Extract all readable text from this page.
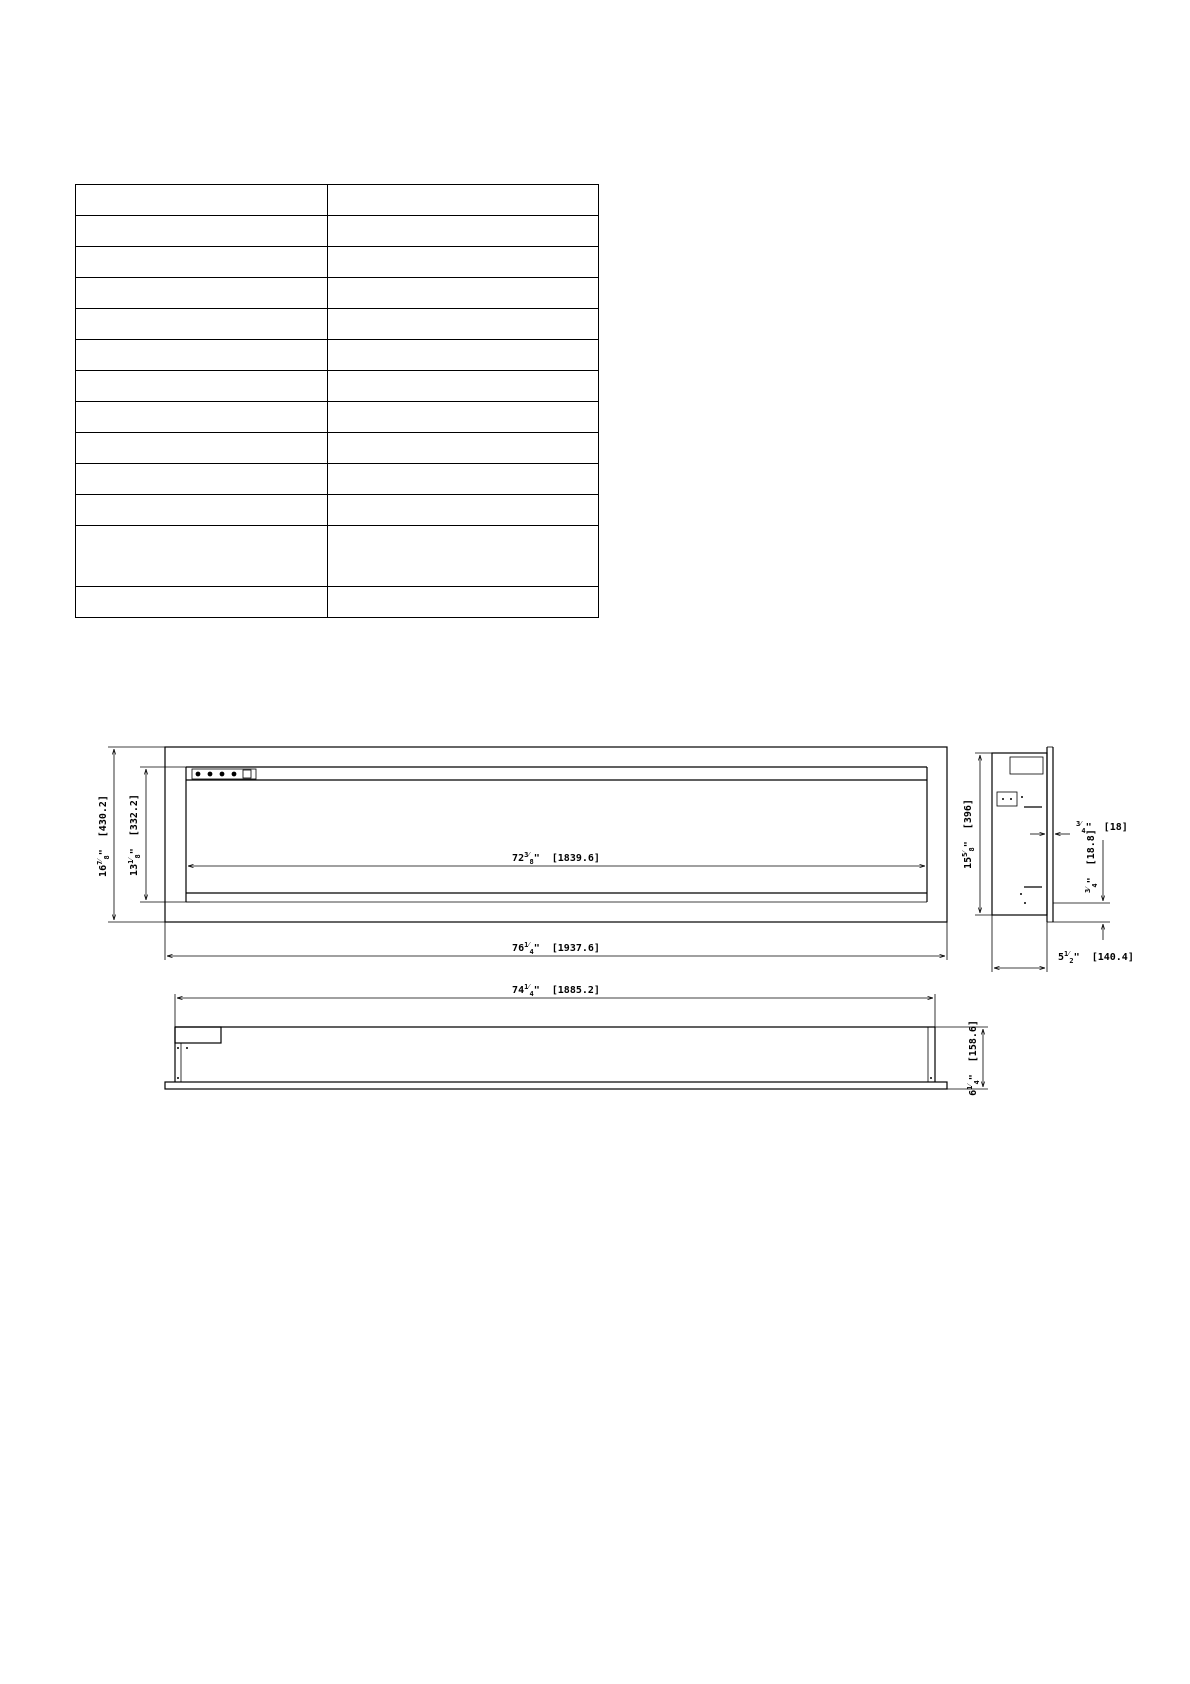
$16^7⁄_8$"  [430.2]
$13^1⁄_8$"  [332.2]
$72^3⁄_8$"  [1839.6]
$76^1⁄_4$"  [1937.6]
$15^5⁄_8$"  [396]	$^3⁄_4$"  [18]
$^3⁄_4$"  [18.8]
$5^1⁄_2$"  [140.4]
$74^1⁄_4$"  [1885.2]
$6^1⁄_4$"  [158.6]
